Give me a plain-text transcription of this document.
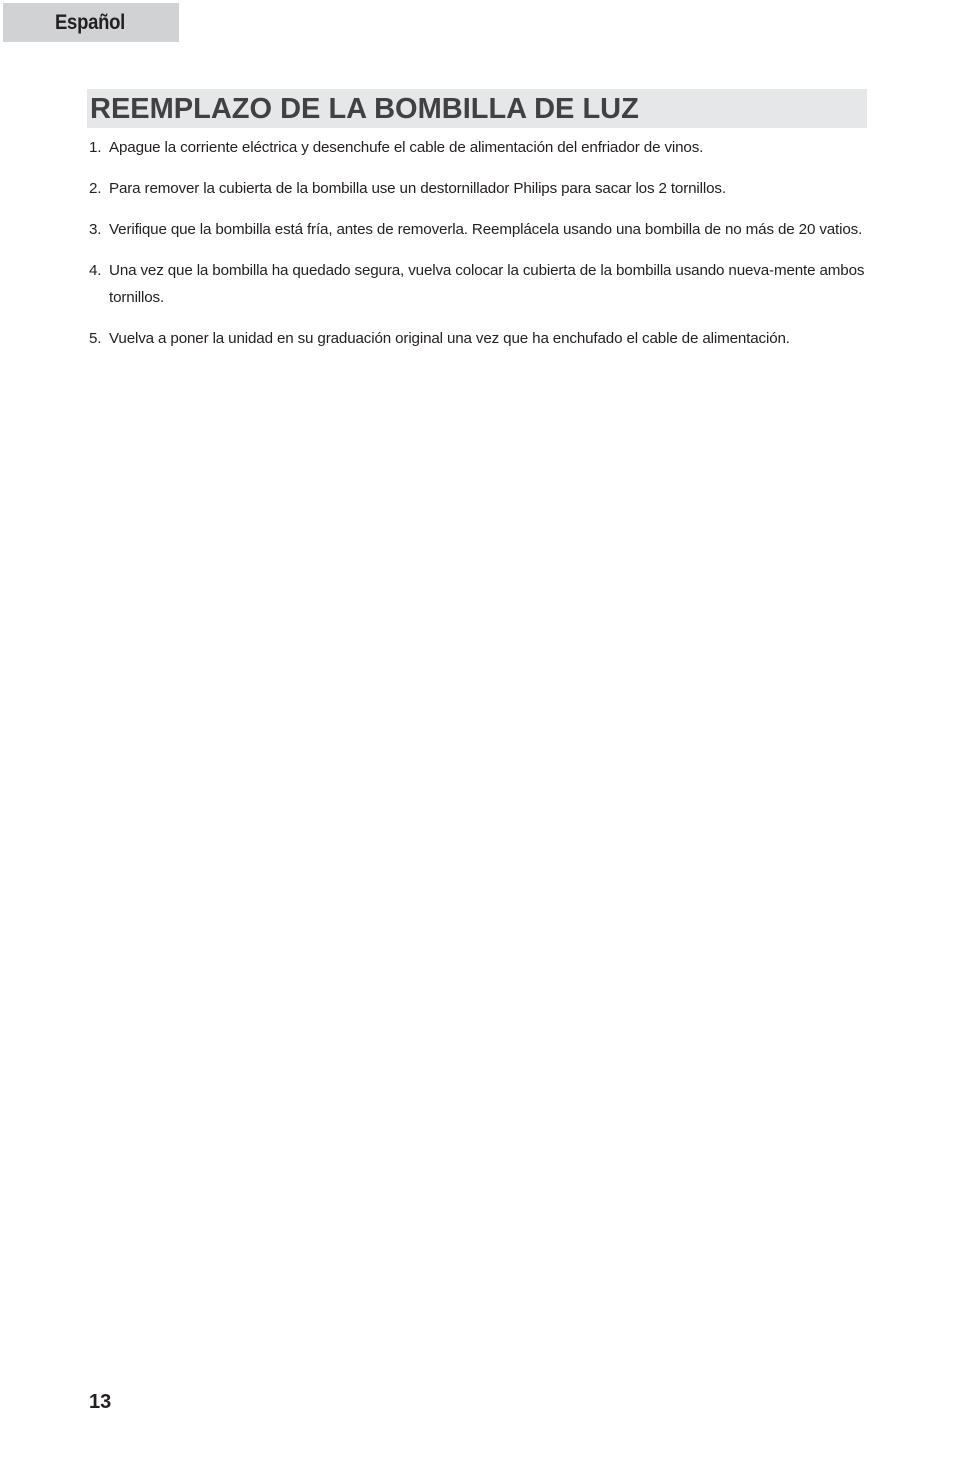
Español
REEMPLAZO DE LA BOMBILLA DE LUZ
1. Apague la corriente eléctrica y desenchufe el cable de alimentación del enfriador de vinos.
2. Para remover la cubierta de la bombilla use un destornillador Philips para sacar los 2 tornillos.
3. Verifique que la bombilla está fría, antes de removerla. Reemplácela usando una bombilla de no más de 20 vatios.
4. Una vez que la bombilla ha quedado segura, vuelva colocar la cubierta de la bombilla usando nueva-mente ambos tornillos.
5. Vuelva a poner la unidad en su graduación original una vez que ha enchufado el cable de alimentación.
13
